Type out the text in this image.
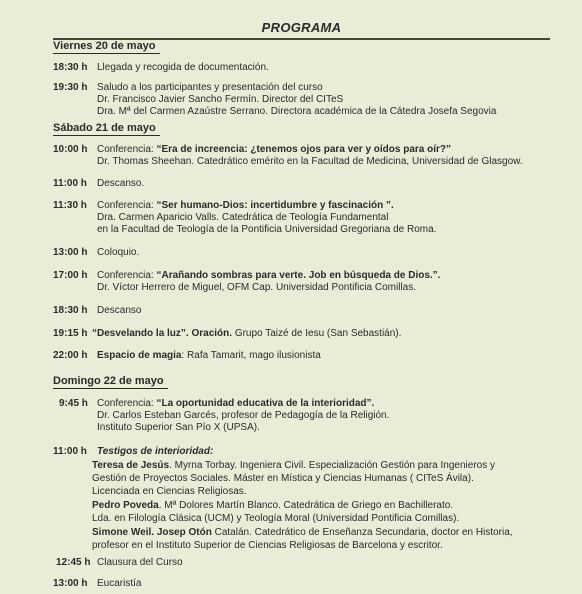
PROGRAMA
Viernes 20 de mayo
18:30 h Llegada y recogida de documentación.
19:30 h Saludo a los participantes y presentación del curso
Dr. Francisco Javier Sancho Fermín. Director del CITeS
Dra. Mª del Carmen Azaústre Serrano. Directora académica de la Cátedra Josefa Segovia
Sábado 21 de mayo
10:00 h Conferencia: “Era de increencia: ¿tenemos ojos para ver y oídos para oír?”
Dr. Thomas Sheehan. Catedrático emérito en la Facultad de Medicina, Universidad de Glasgow.
11:00 h Descanso.
11:30 h Conferencia: “Ser humano-Dios: incertidumbre y fascinación ”.
Dra. Carmen Aparicio Valls. Catedrática de Teología Fundamental
en la Facultad de Teología de la Pontificia Universidad Gregoriana de Roma.
13:00 h Coloquio.
17:00 h Conferencia: “Arañando sombras para verte. Job en búsqueda de Dios.”.
Dr. Víctor Herrero de Miguel, OFM Cap. Universidad Pontificia Comillas.
18:30 h Descanso
19:15 h “Desvelando la luz”. Oración. Grupo Taizé de Iesu (San Sebastián).
22:00 h Espacio de magia: Rafa Tamarit, mago ilusionista
Domingo 22 de mayo
9:45 h Conferencia: “La oportunidad educativa de la interioridad”.
Dr. Carlos Esteban Garcés, profesor de Pedagogía de la Religión.
Instituto Superior San Pío X (UPSA).
11:00 h Testigos de interioridad:
Teresa de Jesús. Myrna Torbay. Ingeniera Civil. Especialización Gestión para Ingenieros y
Gestión de Proyectos Sociales. Máster en Mística y Ciencias Humanas ( CITeS Ávila).
Licenciada en Ciencias Religiosas.
Pedro Poveda. Mª Dolores Martín Blanco. Catedrática de Griego en Bachillerato.
Lda. en Filología Clásica (UCM) y Teología Moral (Universidad Pontificia Comillas).
Simone Weil. Josep Otón Catalán. Catedrático de Enseñanza Secundaria, doctor en Historia,
profesor en el Instituto Superior de Ciencias Religiosas de Barcelona y escritor.
12:45 h Clausura del Curso
13:00 h Eucaristía
